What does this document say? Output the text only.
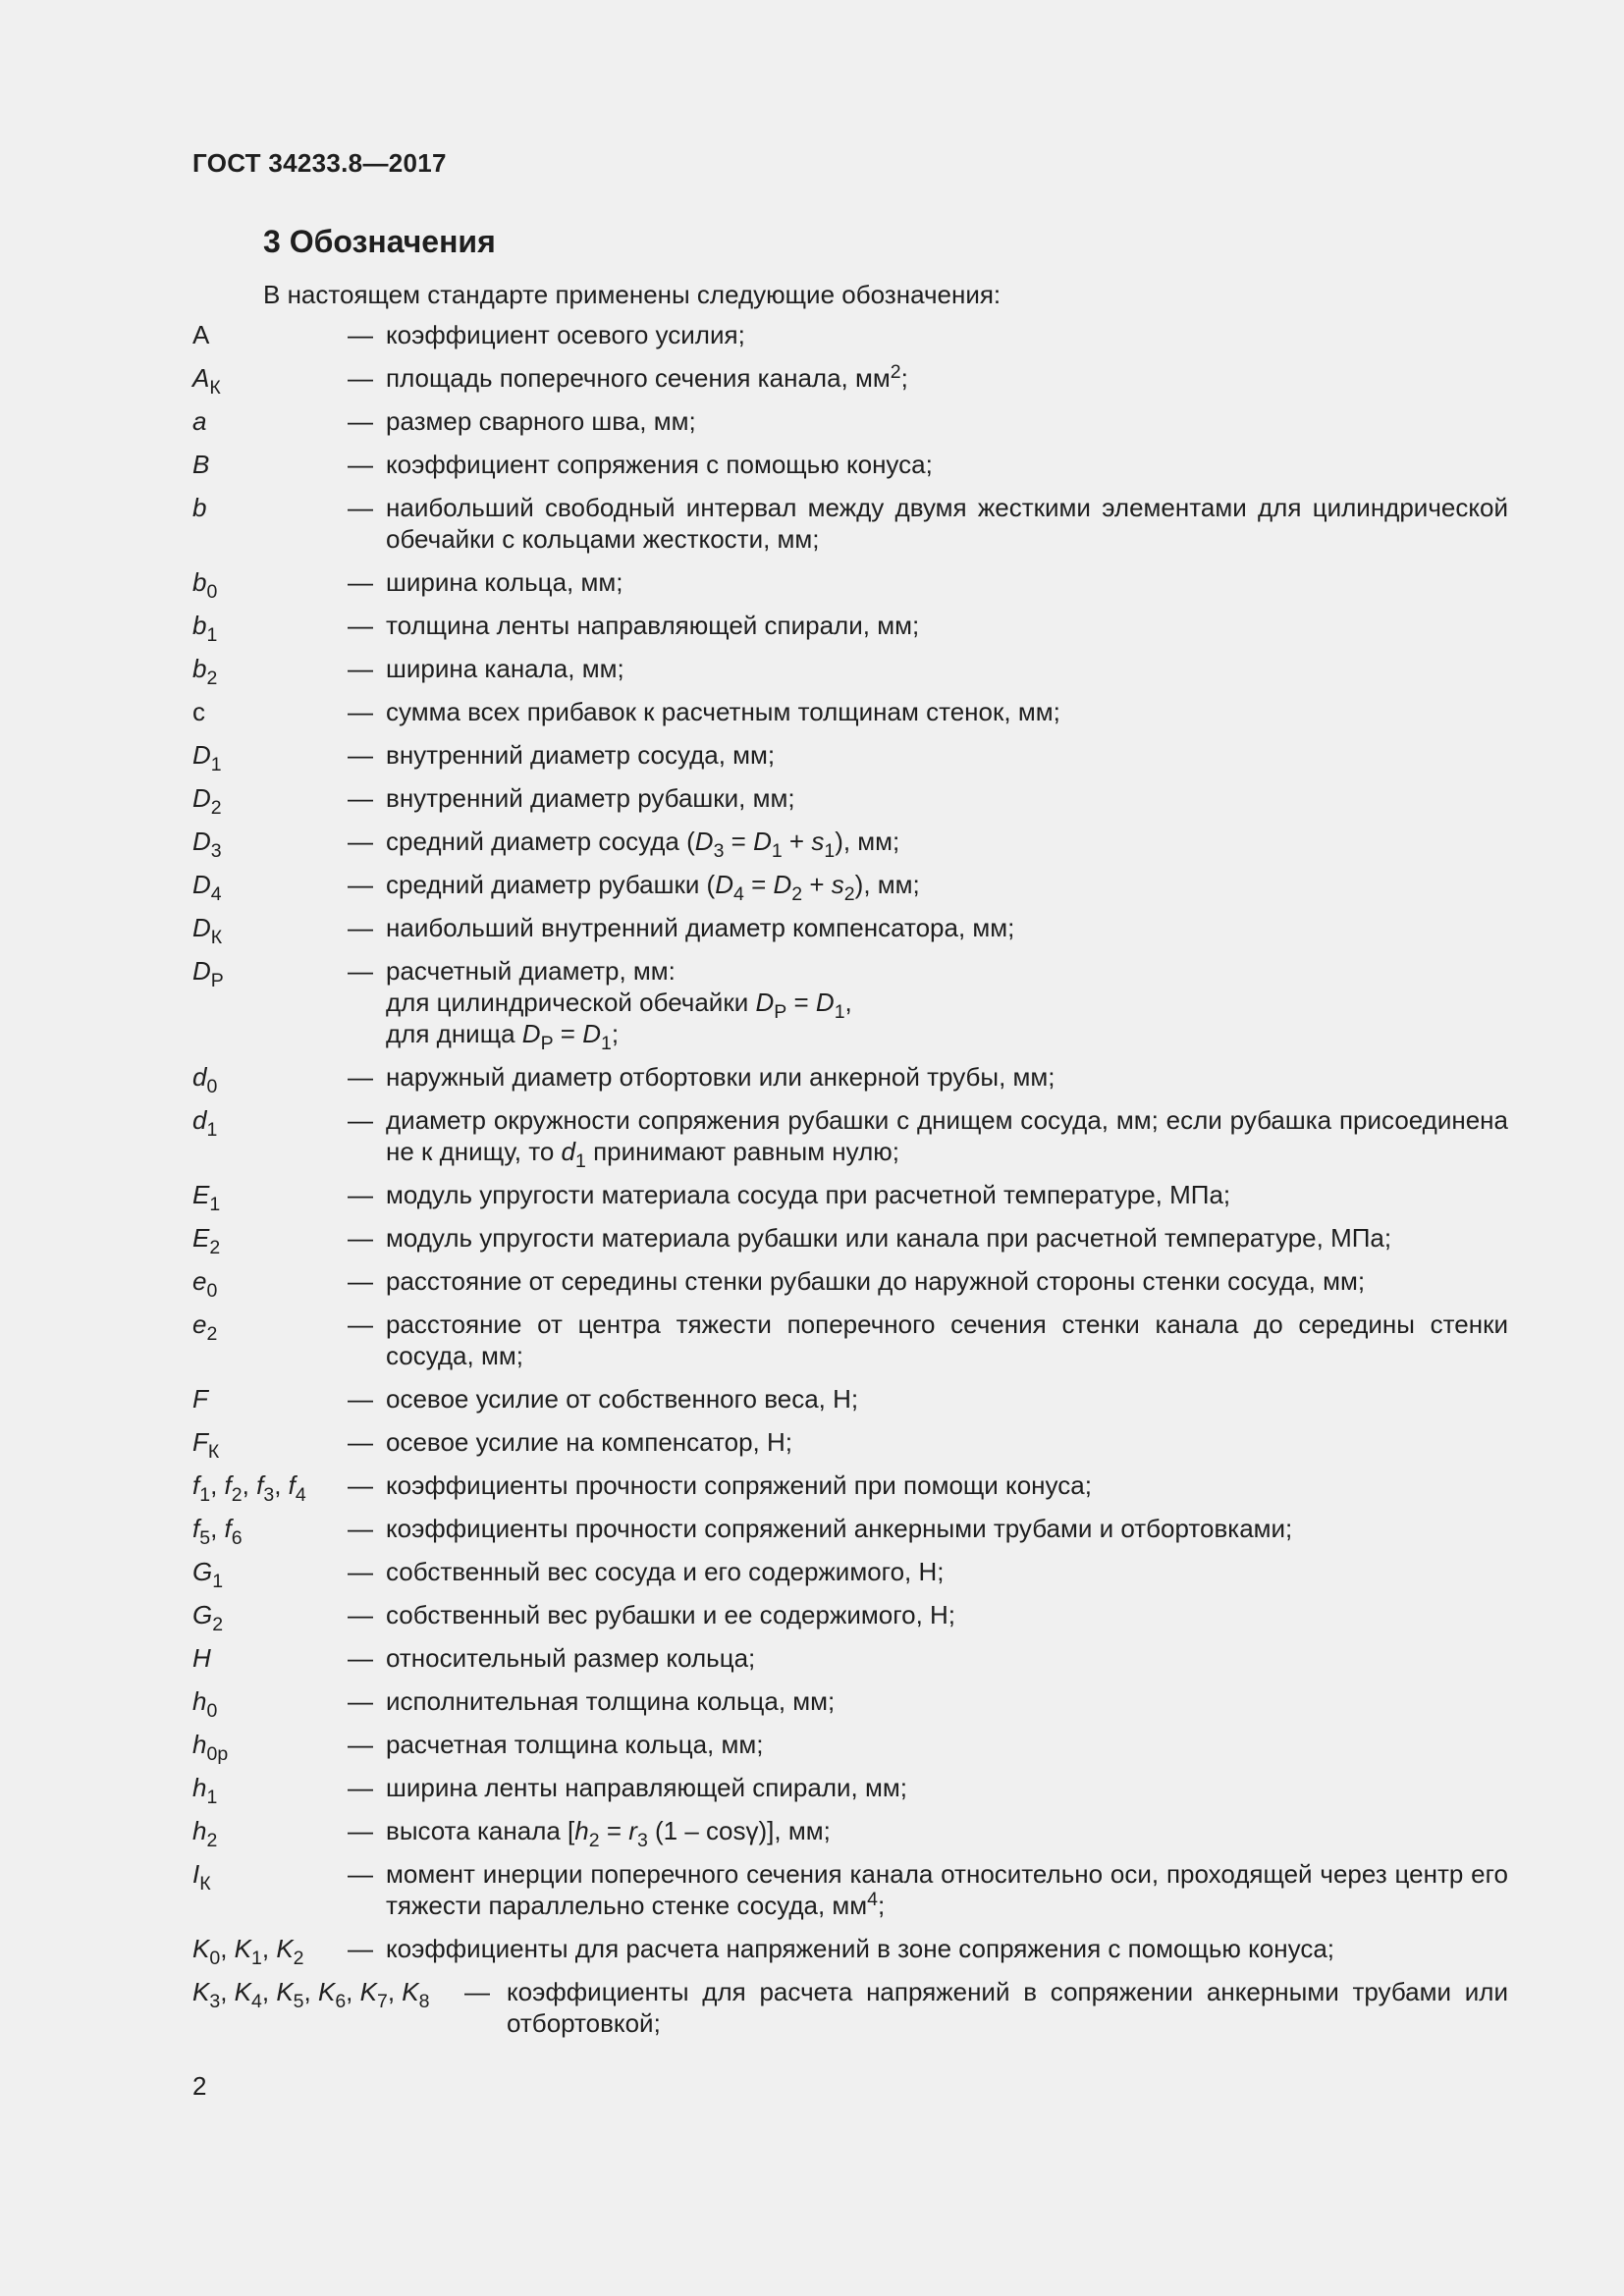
ГОСТ 34233.8—2017
3 Обозначения
В настоящем стандарте применены следующие обозначения:
A	— коэффициент осевого усилия;
$A_К$	— площадь поперечного сечения канала, $мм^2$;
a	— размер сварного шва, мм;
B	— коэффициент сопряжения с помощью конуса;
b	— наибольший свободный интервал между двумя жесткими элементами для цилиндрической обечайки с кольцами жесткости, мм;
$b_0$	— ширина кольца, мм;
$b_1$	— толщина ленты направляющей спирали, мм;
$b_2$	— ширина канала, мм;
c	— сумма всех прибавок к расчетным толщинам стенок, мм;
$D_1$	— внутренний диаметр сосуда, мм;
$D_2$	— внутренний диаметр рубашки, мм;
$D_3$	— средний диаметр сосуда $(D_3 = D_1 + s_1)$, мм;
$D_4$	— средний диаметр рубашки $(D_4 = D_2 + s_2)$, мм;
$D_К$	— наибольший внутренний диаметр компенсатора, мм;
$D_Р$	— расчетный диаметр, мм:
для цилиндрической обечайки $D_Р = D_1$,
для днища $D_Р = D_1$;
$d_0$	— наружный диаметр отбортовки или анкерной трубы, мм;
$d_1$	— диаметр окружности сопряжения рубашки с днищем сосуда, мм; если рубашка присоединена не к днищу, то $d_1$ принимают равным нулю;
$E_1$	— модуль упругости материала сосуда при расчетной температуре, МПа;
$E_2$	— модуль упругости материала рубашки или канала при расчетной температуре, МПа;
$e_0$	— расстояние от середины стенки рубашки до наружной стороны стенки сосуда, мм;
$e_2$	— расстояние от центра тяжести поперечного сечения стенки канала до середины стенки сосуда, мм;
F	— осевое усилие от собственного веса, Н;
$F_К$	— осевое усилие на компенсатор, Н;
$f_1$, $f_2$, $f_3$, $f_4$ — коэффициенты прочности сопряжений при помощи конуса;
$f_5$, $f_6$	— коэффициенты прочности сопряжений анкерными трубами и отбортовками;
$G_1$	— собственный вес сосуда и его содержимого, Н;
$G_2$	— собственный вес рубашки и ее содержимого, Н;
H	— относительный размер кольца;
$h_0$	— исполнительная толщина кольца, мм;
$h_{0р}$	— расчетная толщина кольца, мм;
$h_1$	— ширина ленты направляющей спирали, мм;
$h_2$	— высота канала [$h_2 = r_3$ (1 – cosγ)], мм;
$I_К$	— момент инерции поперечного сечения канала относительно оси, проходящей через центр его тяжести параллельно стенке сосуда, $мм^4$;
$K_0$, $K_1$, $K_2$ — коэффициенты для расчета напряжений в зоне сопряжения с помощью конуса;
$K_3$, $K_4$, $K_5$, $K_6$, $K_7$, $K_8$ — коэффициенты для расчета напряжений в сопряжении анкерными трубами или отбортовкой;
2
